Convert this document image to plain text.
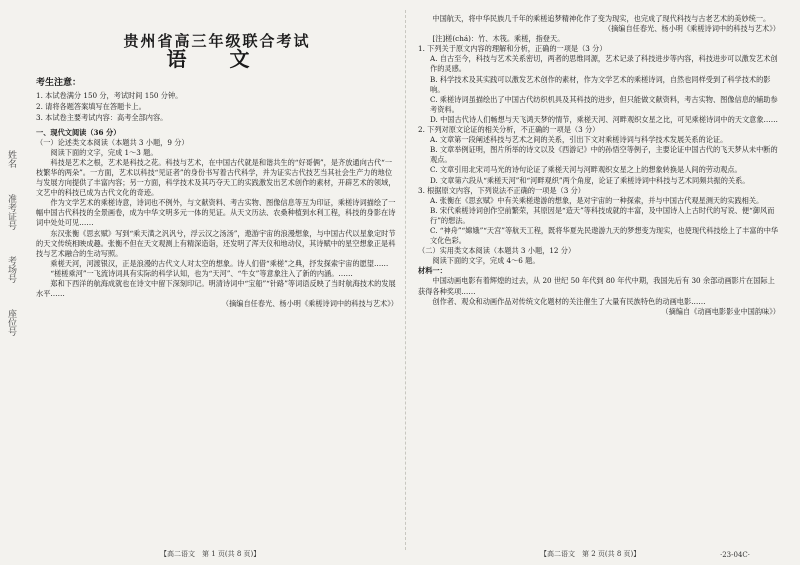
姓名
准考证号
考场号
座位号
贵州省高三年级联合考试
语 文
考生注意：

1. 本试卷满分 150 分，考试时间 150 分钟。

2. 请将各题答案填写在答题卡上。

3. 本试卷主要考试内容：高考全部内容。

一、现代文阅读（36 分）

（一）论述类文本阅读（本题共 3 小题，9 分）

阅读下面的文字，完成 1～3 题。

科技是艺术之根，艺术是科技之花。科技与艺术，在中国古代就是和谐共生的“好哥俩”，是齐放通向古代“一枝繁华的两朵”。一方面，艺术以科技“见证者”的身份书写着古代科学，并为证实古代技艺当其社会生产力的地位与发展方向提供了丰富内容；另一方面，科学技术及其巧夺天工的实践激发出艺术创作的素材，开辟艺术的领域，文艺中的科技已成为古代文化的奇迹。

作为文学艺术的乘槎诗意，诗词也不例外，与文献资料、考古实物、图像信息等互为印证，乘槎诗词描绘了一幅中国古代科技的全景画卷，成为中华文明多元一体的见证。从天文历法、农桑种植到水利工程，科技的身影在诗词中处处可见……

东汉张衡《思玄赋》写到“乘天潢之汎汎兮，浮云汉之汤汤”，遨游宇宙的浪漫想象，与中国古代以星象定时节的天文传统相映成趣。张衡不但在天文观测上有精深造诣，还发明了浑天仪和地动仪，其诗赋中的星空想象正是科技与艺术融合的生动写照。

乘槎天河，河渡银汉，正是浪漫的古代文人对太空的想象。诗人们借“乘槎”之典，抒发探索宇宙的愿望……

“槎槎乘河”一飞流诗词具有实际的科学认知，也为“天河”、“牛女”等意象注入了新的内涵。……

郑和下西洋的航海成就也在诗文中留下深刻印记。明清诗词中“宝船”“针路”等词语反映了当时航海技术的发展水平……

（摘编自任春光、杨小明《乘槎诗词中的科技与艺术》）

中国航天，将中华民族几千年的乘槎追梦精神化作了变为现实，也完成了现代科技与古老艺术的美妙统一。

（摘编自任春光、杨小明《乘槎诗词中的科技与艺术》）

[注]槎(chá)：竹、木筏。乘槎，指登天。

1. 下列关于原文内容的理解和分析，正确的一项是（3 分）

A. 自古至今，科技与艺术关系密切，两者的思维同源，艺术记录了科技进步等内容，科技进步可以激发艺术创作的灵感。

B. 科学技术及其实践可以激发艺术创作的素材，作为文学艺术的乘槎诗词，自然也同样受到了科学技术的影响。

C. 乘槎诗词虽描绘出了中国古代纺织机具及其科技的进步，但只能做文献资料，考古实物、图像信息的辅助参考资料。

D. 中国古代诗人们畅想与天飞鸿天梦的情节，乘槎天河、河畔观织女星之比，可见乘槎诗词中的天文意象……

2. 下列对原文论证的相关分析，不正确的一项是（3 分）

A. 文章第一段阐述科技与艺术之间的关系，引出下文对乘槎诗词与科学技术发展关系的论证。

B. 文章举例证明，图片所举的诗文以及《西游记》中的孙悟空等例子，主要论证中国古代的飞天梦从未中断的观点。

C. 文章引用北宋司马光的诗句论证了乘槎天河与河畔观织女星之上的想象转换是人间的劳动观点。

D. 文章第六段从“乘槎天河”和“河畔观织”两个角度，论证了乘槎诗词中科技与艺术同频共振的关系。

3. 根据原文内容，下列说法不正确的一项是（3 分）

A. 张衡在《思玄赋》中有关乘槎遨游的想象，是对宇宙的一种探索，并与中国古代观星测天的实践相关。

B. 宋代乘槎诗词创作空前繁荣，其原因是“造天”等科技成就的丰富，及中国诗人上古时代的写说、便“御风而行”的想法。

C. “神舟”“嫦娥”“天宫”等航天工程，既将华夏先民遨游九天的梦想变为现实，也使现代科技绘上了丰富的中华文化色彩。

（二）实用类文本阅读（本题共 3 小题，12 分）

阅读下面的文字，完成 4～6 题。

材料一：

中国动画电影有着辉煌的过去，从 20 世纪 50 年代到 80 年代中期，我国先后有 30 余部动画影片在国际上获得各种奖项……

创作者、观众和动画作品对传统文化题材的关注催生了大量有民族特色的动画电影……

（摘编自《动画电影影业中国韵味》）

【高二语文　第 1 页(共 8 页)】	【高二语文　第 2 页(共 8 页)】	·23-04C·
